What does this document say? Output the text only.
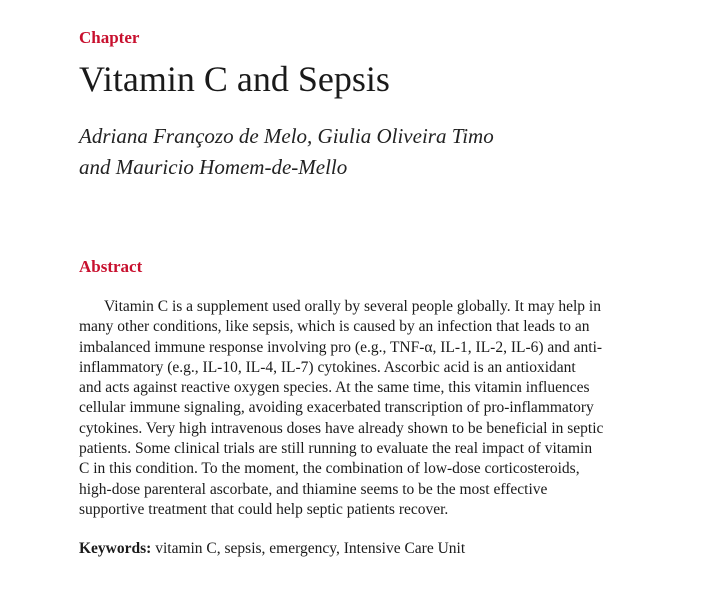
Chapter
Vitamin C and Sepsis
Adriana Françozo de Melo, Giulia Oliveira Timo
and Mauricio Homem-de-Mello
Abstract
Vitamin C is a supplement used orally by several people globally. It may help in
many other conditions, like sepsis, which is caused by an infection that leads to an
imbalanced immune response involving pro (e.g., TNF-α, IL-1, IL-2, IL-6) and anti-
inflammatory (e.g., IL-10, IL-4, IL-7) cytokines. Ascorbic acid is an antioxidant
and acts against reactive oxygen species. At the same time, this vitamin influences
cellular immune signaling, avoiding exacerbated transcription of pro-inflammatory
cytokines. Very high intravenous doses have already shown to be beneficial in septic
patients. Some clinical trials are still running to evaluate the real impact of vitamin
C in this condition. To the moment, the combination of low-dose corticosteroids,
high-dose parenteral ascorbate, and thiamine seems to be the most effective
supportive treatment that could help septic patients recover.
Keywords: vitamin C, sepsis, emergency, Intensive Care Unit
